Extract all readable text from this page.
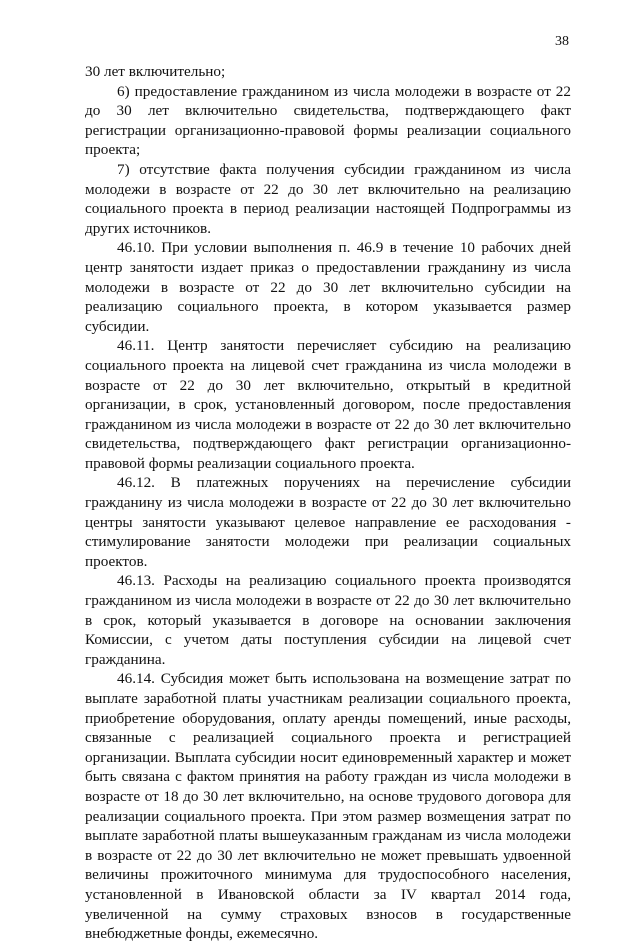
38

30 лет включительно;

6) предоставление гражданином из числа молодежи в возрасте от 22 до 30 лет включительно свидетельства, подтверждающего факт регистрации организационно-правовой формы реализации социального проекта;

7) отсутствие факта получения субсидии гражданином из числа молодежи в возрасте от 22 до 30 лет включительно на реализацию социального проекта в период реализации настоящей Подпрограммы из других источников.

46.10. При условии выполнения п. 46.9 в течение 10 рабочих дней центр занятости издает приказ о предоставлении гражданину из числа молодежи в возрасте от 22 до 30 лет включительно субсидии на реализацию социального проекта, в котором указывается размер субсидии.

46.11. Центр занятости перечисляет субсидию на реализацию социального проекта на лицевой счет гражданина из числа молодежи в возрасте от 22 до 30 лет включительно, открытый в кредитной организации, в срок, установленный договором, после предоставления гражданином из числа молодежи в возрасте от 22 до 30 лет включительно свидетельства, подтверждающего факт регистрации организационно-правовой формы реализации социального проекта.

46.12. В платежных поручениях на перечисление субсидии гражданину из числа молодежи в возрасте от 22 до 30 лет включительно центры занятости указывают целевое направление ее расходования - стимулирование занятости молодежи при реализации социальных проектов.

46.13. Расходы на реализацию социального проекта производятся гражданином из числа молодежи в возрасте от 22 до 30 лет включительно в срок, который указывается в договоре на основании заключения Комиссии, с учетом даты поступления субсидии на лицевой счет гражданина.

46.14. Субсидия может быть использована на возмещение затрат по выплате заработной платы участникам реализации социального проекта, приобретение оборудования, оплату аренды помещений, иные расходы, связанные с реализацией социального проекта и регистрацией организации. Выплата субсидии носит единовременный характер и может быть связана с фактом принятия на работу граждан из числа молодежи в возрасте от 18 до 30 лет включительно, на основе трудового договора для реализации социального проекта. При этом размер возмещения затрат по выплате заработной платы вышеуказанным гражданам из числа молодежи в возрасте от 22 до 30 лет включительно не может превышать удвоенной величины прожиточного минимума для трудоспособного населения, установленной в Ивановской области за IV квартал 2014 года, увеличенной на сумму страховых взносов в государственные внебюджетные фонды, ежемесячно.
